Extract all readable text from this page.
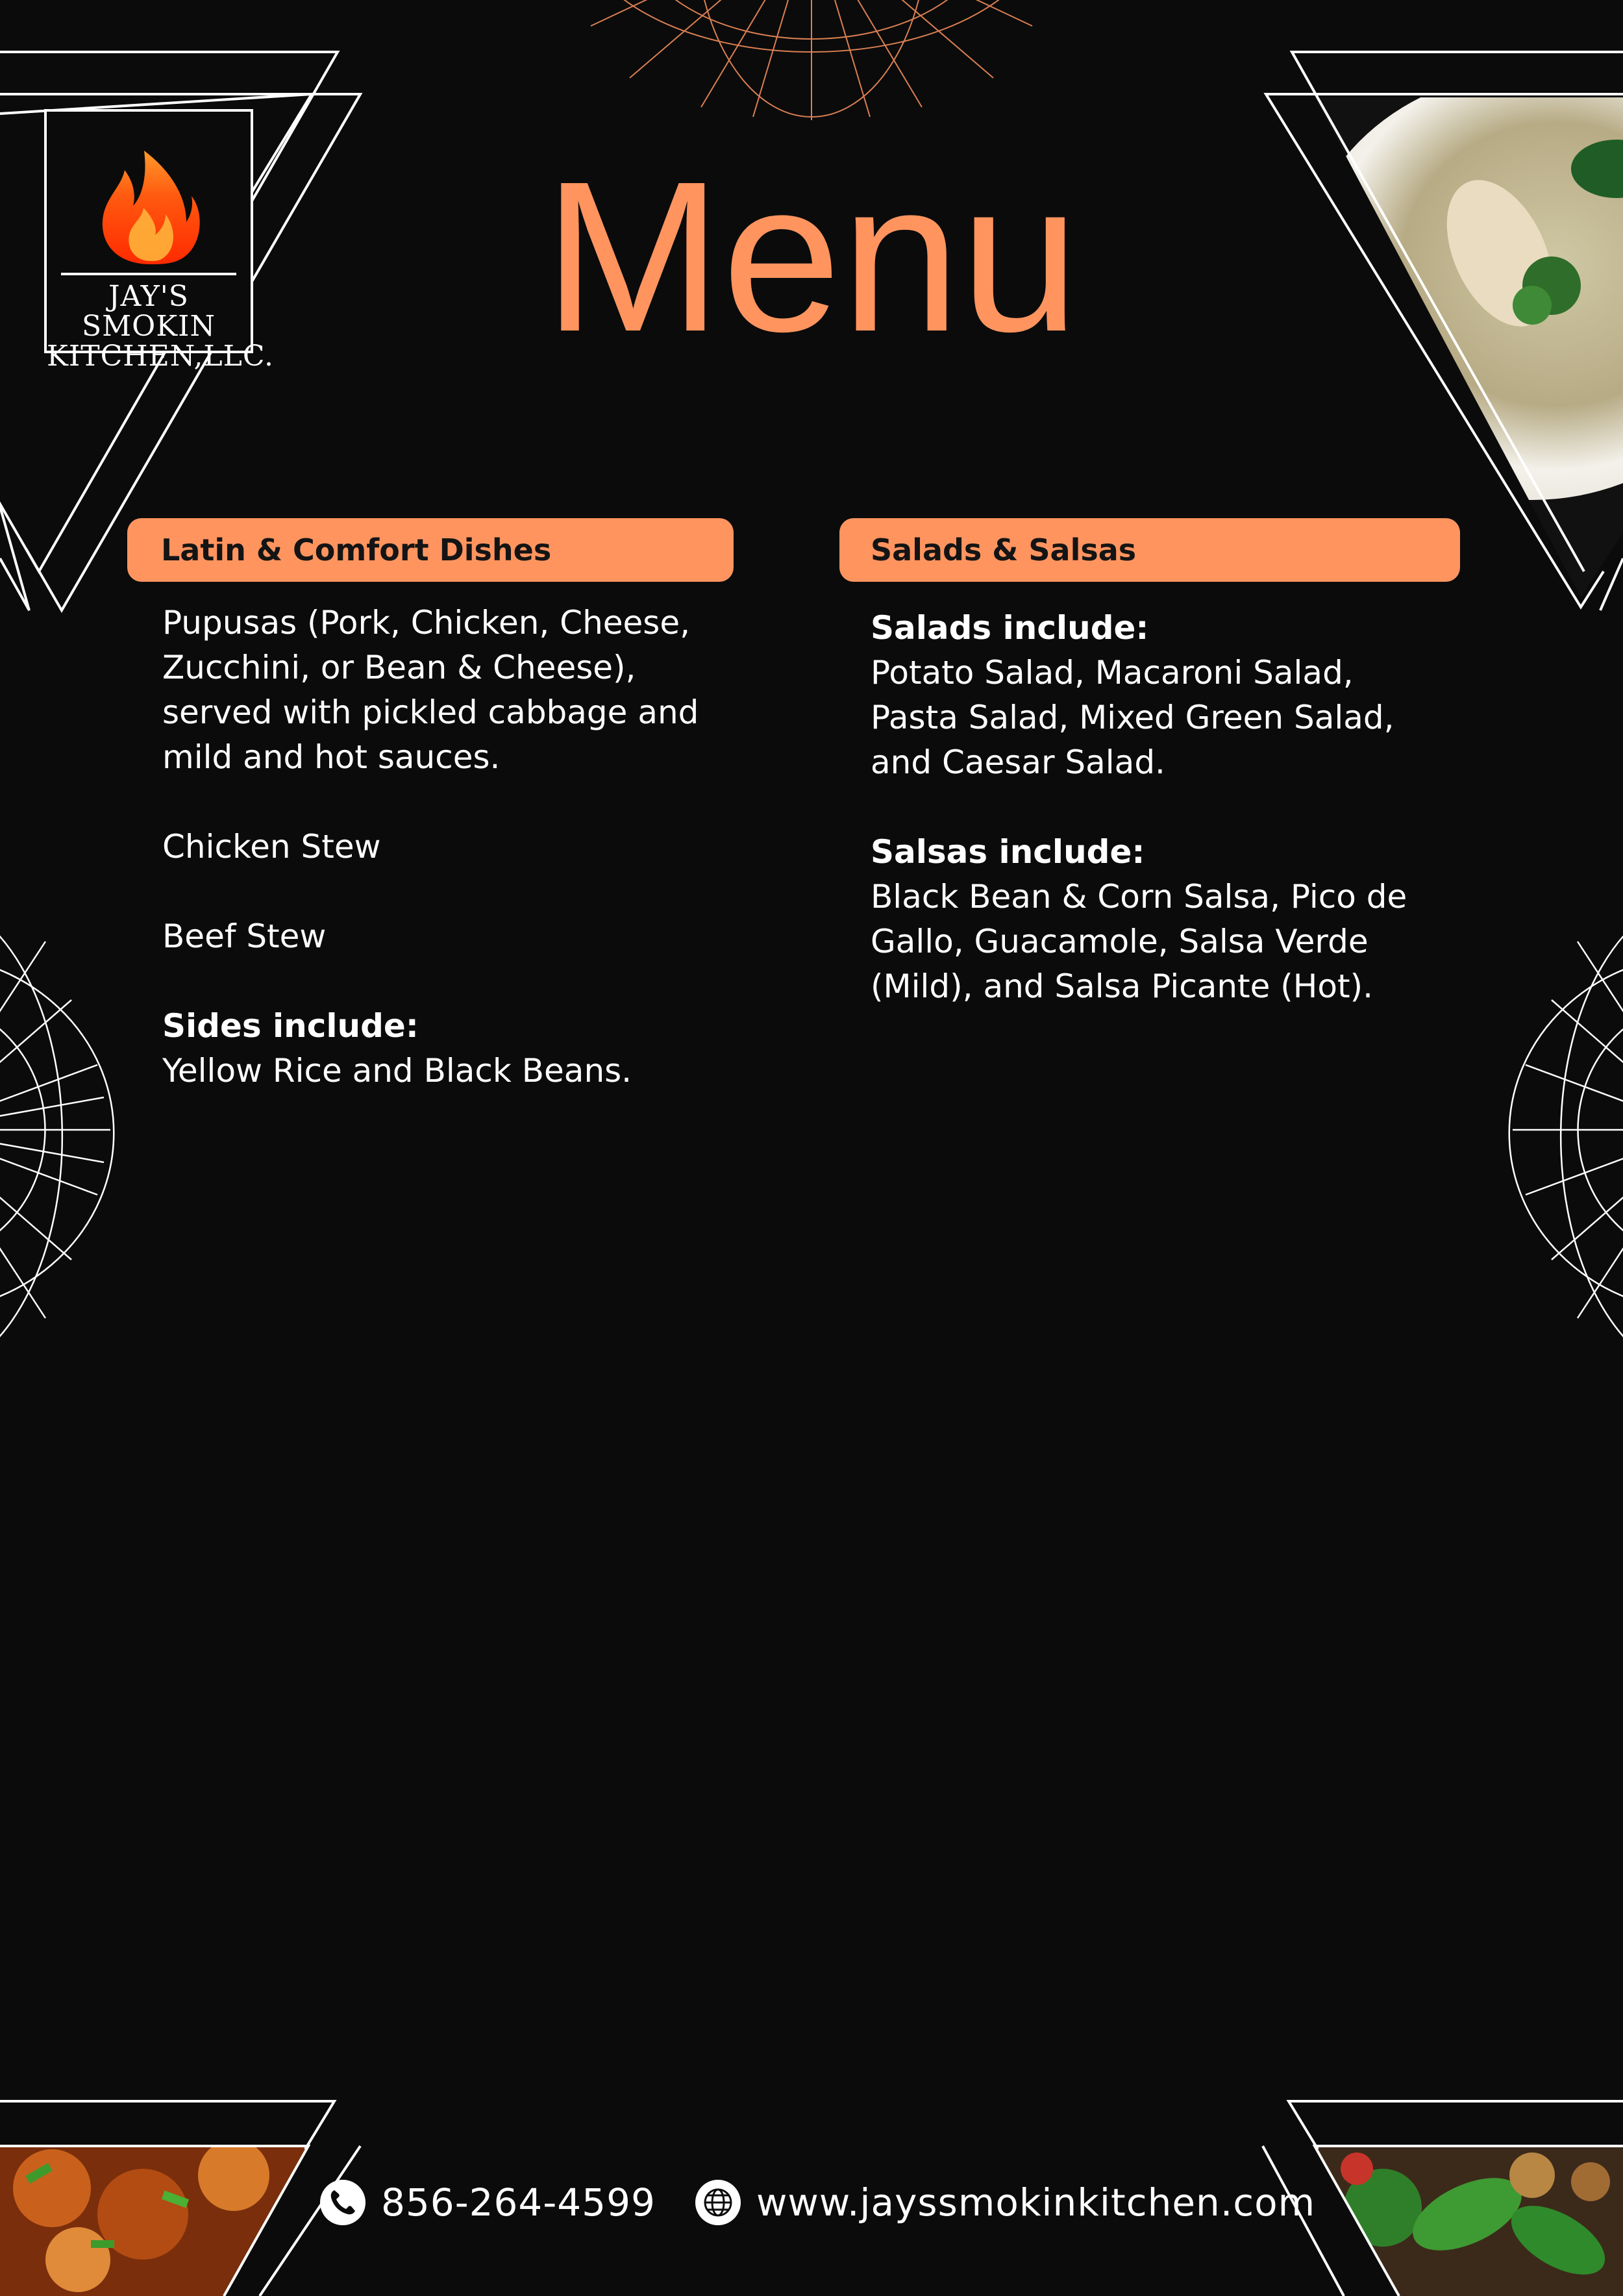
JAY'S SMOKIN
KITCHEN,LLC.	Menu
Latin & Comfort Dishes

Pupusas (Pork, Chicken, Cheese, Zucchini, or Bean & Cheese), served with pickled cabbage and mild and hot sauces.

Chicken Stew

Beef Stew

Sides include:

Yellow Rice and Black Beans.

Salads & Salsas

Salads include:

Potato Salad, Macaroni Salad, Pasta Salad, Mixed Green Salad, and Caesar Salad.

Salsas include:

Black Bean & Corn Salsa, Pico de Gallo, Guacamole, Salsa Verde (Mild), and Salsa Picante (Hot).

856-264-4599	www.jayssmokinkitchen.com
